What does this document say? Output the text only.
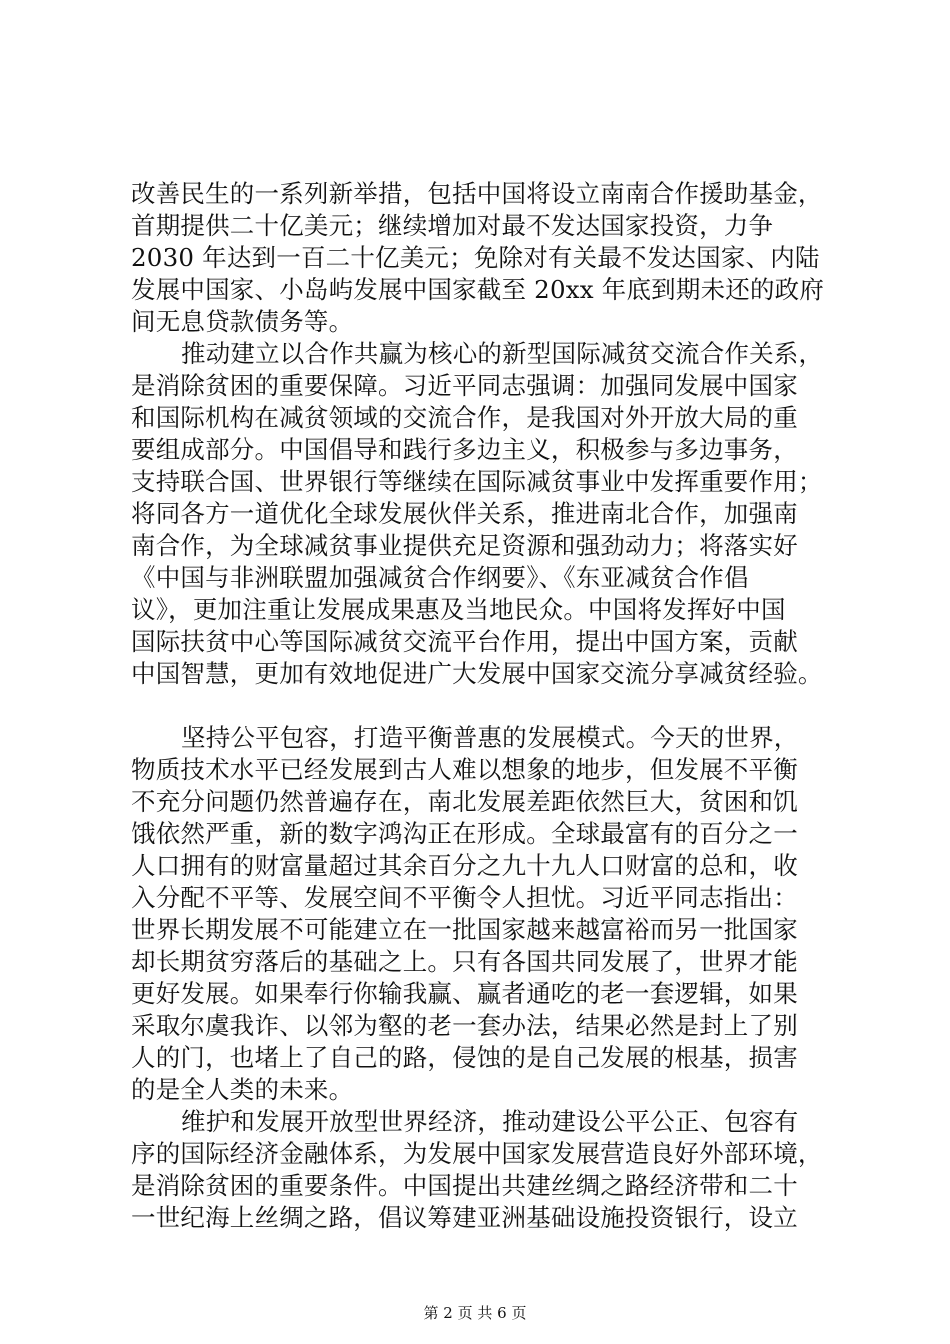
改善民生的一系列新举措，包括中国将设立南南合作援助基金，
首期提供二十亿美元；继续增加对最不发达国家投资，力争
2030 年达到一百二十亿美元；免除对有关最不发达国家、内陆
发展中国家、小岛屿发展中国家截至 20xx 年底到期未还的政府
间无息贷款债务等。
推动建立以合作共赢为核心的新型国际减贫交流合作关系，
是消除贫困的重要保障。习近平同志强调：加强同发展中国家
和国际机构在减贫领域的交流合作，是我国对外开放大局的重
要组成部分。中国倡导和践行多边主义，积极参与多边事务，
支持联合国、世界银行等继续在国际减贫事业中发挥重要作用；
将同各方一道优化全球发展伙伴关系，推进南北合作，加强南
南合作，为全球减贫事业提供充足资源和强劲动力；将落实好
《中国与非洲联盟加强减贫合作纲要》、《东亚减贫合作倡
议》，更加注重让发展成果惠及当地民众。中国将发挥好中国
国际扶贫中心等国际减贫交流平台作用，提出中国方案，贡献
中国智慧，更加有效地促进广大发展中国家交流分享减贫经验。
坚持公平包容，打造平衡普惠的发展模式。今天的世界，
物质技术水平已经发展到古人难以想象的地步，但发展不平衡
不充分问题仍然普遍存在，南北发展差距依然巨大，贫困和饥
饿依然严重，新的数字鸿沟正在形成。全球最富有的百分之一
人口拥有的财富量超过其余百分之九十九人口财富的总和，收
入分配不平等、发展空间不平衡令人担忧。习近平同志指出：
世界长期发展不可能建立在一批国家越来越富裕而另一批国家
却长期贫穷落后的基础之上。只有各国共同发展了，世界才能
更好发展。如果奉行你输我赢、赢者通吃的老一套逻辑，如果
采取尔虞我诈、以邻为壑的老一套办法，结果必然是封上了别
人的门，也堵上了自己的路，侵蚀的是自己发展的根基，损害
的是全人类的未来。
维护和发展开放型世界经济，推动建设公平公正、包容有
序的国际经济金融体系，为发展中国家发展营造良好外部环境，
是消除贫困的重要条件。中国提出共建丝绸之路经济带和二十
一世纪海上丝绸之路，倡议筹建亚洲基础设施投资银行，设立
第 2 页 共 6 页
